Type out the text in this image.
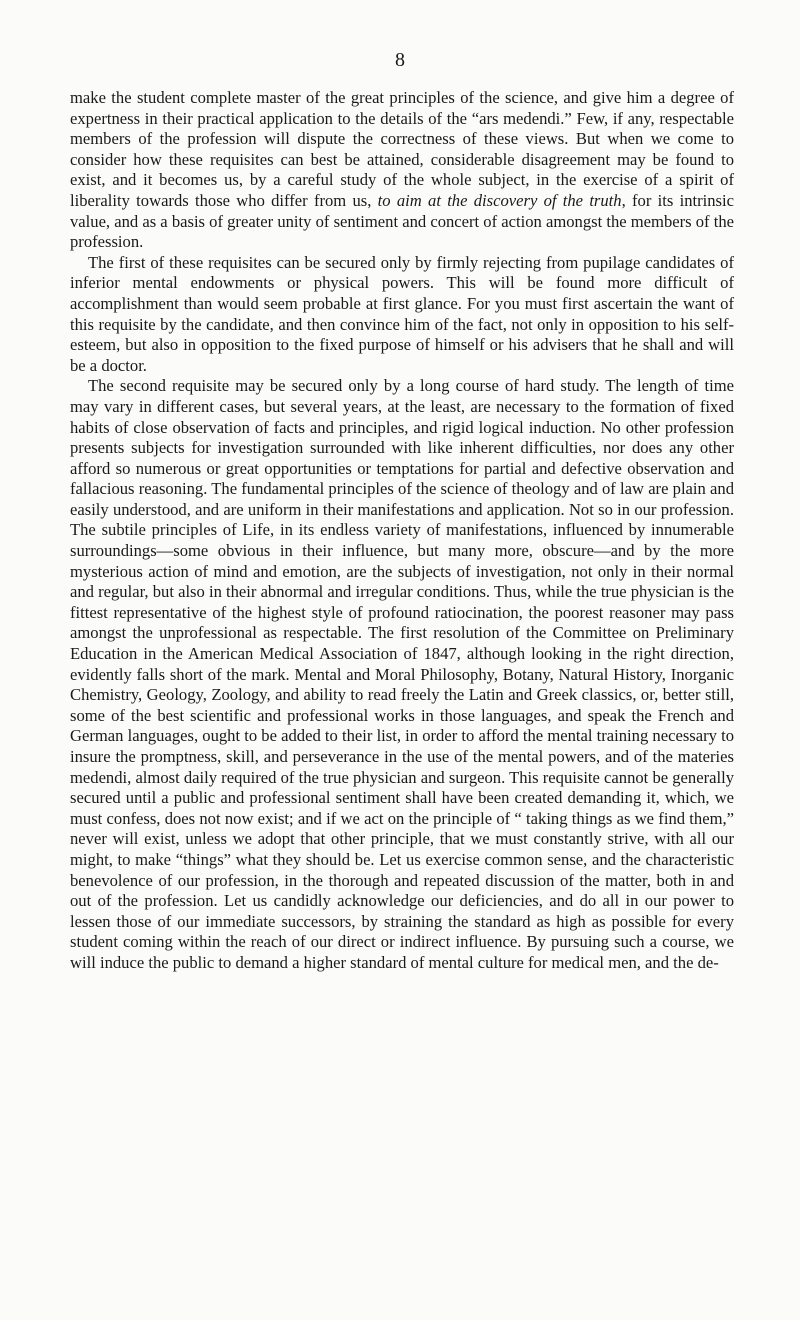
8

make the student complete master of the great principles of the science, and give him a degree of expertness in their practical application to the details of the “ars medendi.” Few, if any, respectable members of the profession will dispute the correctness of these views. But when we come to consider how these requisites can best be attained, considerable disagreement may be found to exist, and it becomes us, by a careful study of the whole subject, in the exercise of a spirit of liberality towards those who differ from us, to aim at the discovery of the truth, for its intrinsic value, and as a basis of greater unity of sentiment and concert of action amongst the members of the profession.

The first of these requisites can be secured only by firmly rejecting from pupilage candidates of inferior mental endowments or physical powers. This will be found more difficult of accomplishment than would seem probable at first glance. For you must first ascertain the want of this requisite by the candidate, and then convince him of the fact, not only in opposition to his self-esteem, but also in opposition to the fixed purpose of himself or his advisers that he shall and will be a doctor.

The second requisite may be secured only by a long course of hard study. The length of time may vary in different cases, but several years, at the least, are necessary to the formation of fixed habits of close observation of facts and principles, and rigid logical induction. No other profession presents subjects for investigation surrounded with like inherent difficulties, nor does any other afford so numerous or great opportunities or temptations for partial and defective observation and fallacious reasoning. The fundamental principles of the science of theology and of law are plain and easily understood, and are uniform in their manifestations and application. Not so in our profession. The subtile principles of Life, in its endless variety of manifestations, influenced by innumerable surroundings—some obvious in their influence, but many more, obscure—and by the more mysterious action of mind and emotion, are the subjects of investigation, not only in their normal and regular, but also in their abnormal and irregular conditions. Thus, while the true physician is the fittest representative of the highest style of profound ratiocination, the poorest reasoner may pass amongst the unprofessional as respectable. The first resolution of the Committee on Preliminary Education in the American Medical Association of 1847, although looking in the right direction, evidently falls short of the mark. Mental and Moral Philosophy, Botany, Natural History, Inorganic Chemistry, Geology, Zoology, and ability to read freely the Latin and Greek classics, or, better still, some of the best scientific and professional works in those languages, and speak the French and German languages, ought to be added to their list, in order to afford the mental training necessary to insure the promptness, skill, and perseverance in the use of the mental powers, and of the materies medendi, almost daily required of the true physician and surgeon. This requisite cannot be generally secured until a public and professional sentiment shall have been created demanding it, which, we must confess, does not now exist; and if we act on the principle of “ taking things as we find them,” never will exist, unless we adopt that other principle, that we must constantly strive, with all our might, to make “things” what they should be. Let us exercise common sense, and the characteristic benevolence of our profession, in the thorough and repeated discussion of the matter, both in and out of the profession. Let us candidly acknowledge our deficiencies, and do all in our power to lessen those of our immediate successors, by straining the standard as high as possible for every student coming within the reach of our direct or indirect influence. By pursuing such a course, we will induce the public to demand a higher standard of mental culture for medical men, and the de-
